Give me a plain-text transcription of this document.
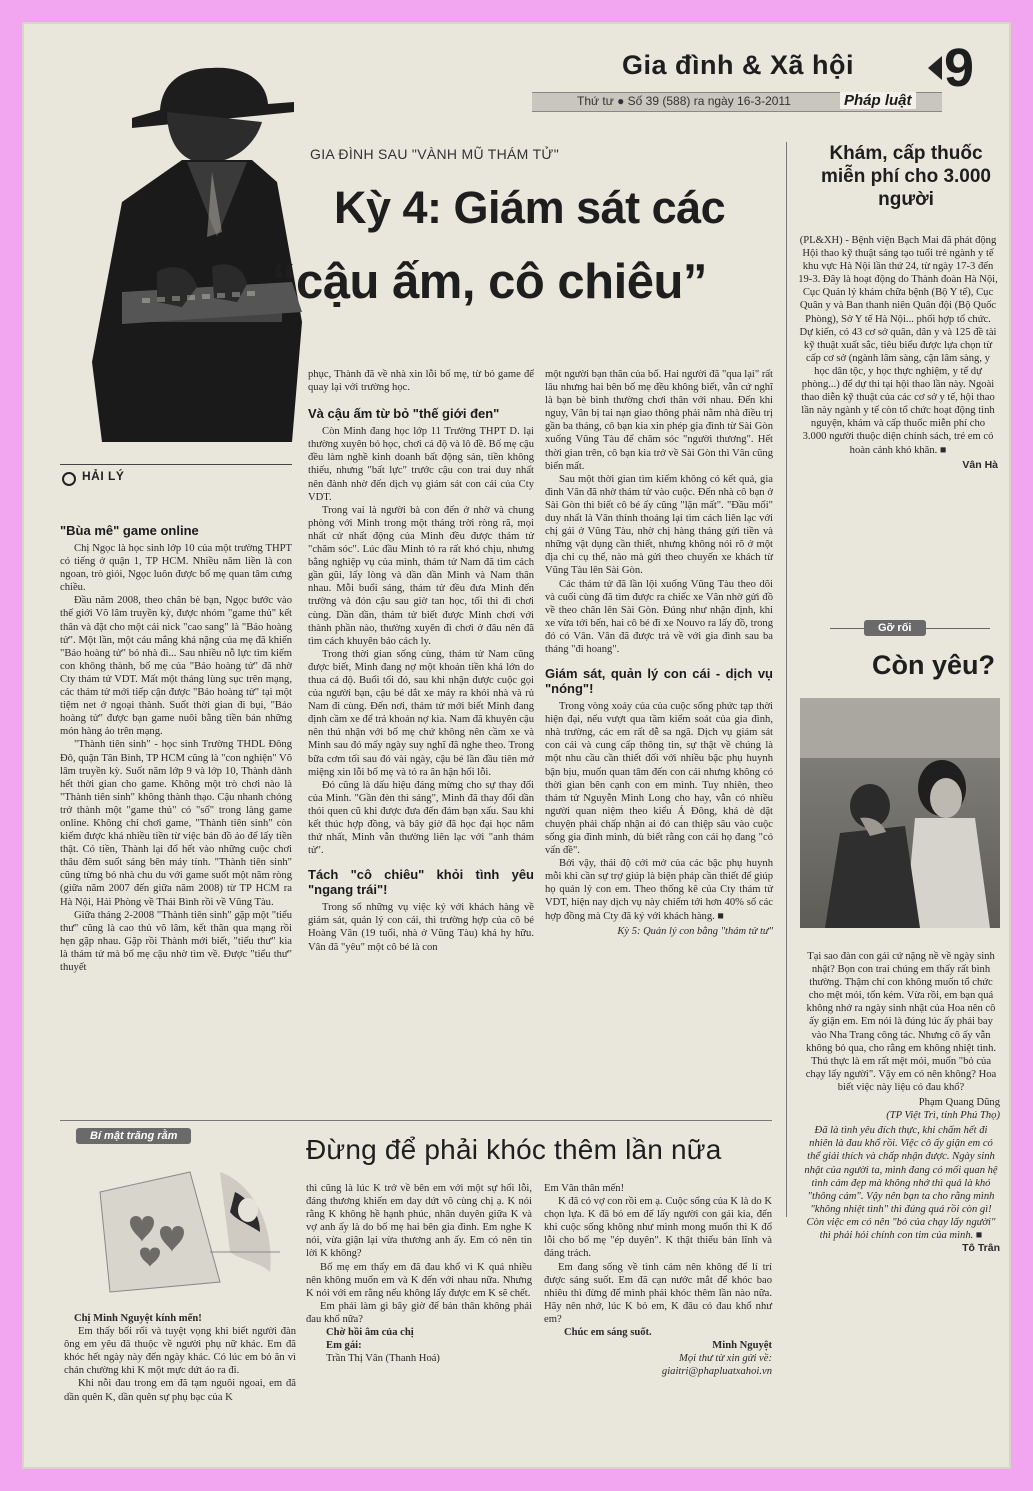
Gia đình & Xã hội 9
Thứ tư ● Số 39 (588) ra ngày 16-3-2011	Pháp luật
GIA ĐÌNH SAU "VÀNH MŨ THÁM TỬ"
Kỳ 4: Giám sát các
“cậu ấm, cô chiêu”
HẢI LÝ
"Bùa mê" game online

Chị Ngọc là học sinh lớp 10 của một trường THPT có tiếng ở quận 1, TP HCM. Nhiều năm liền là con ngoan, trò giỏi, Ngọc luôn được bố mẹ quan tâm cưng chiều.

Đầu năm 2008, theo chân bè bạn, Ngọc bước vào thế giới Võ lâm truyền kỳ, được nhóm "game thủ" kết thân và đặt cho một cái nick "cao sang" là "Bảo hoàng tử". Một lần, một cáu mắng khá nặng của mẹ đã khiến "Bảo hoàng tử" bỏ nhà đi... Sau nhiều nỗ lực tìm kiếm con không thành, bố mẹ của "Bảo hoàng tử" đã nhờ Cty thám tử VDT. Mất một tháng lùng sục trên mạng, các thám tử mới tiếp cận được "Bảo hoàng tử" tại một tiệm net ở ngoại thành. Suốt thời gian đi bụi, "Bảo hoàng tử" được bạn game nuôi bằng tiền bán những món hàng ảo trên mạng.

"Thành tiên sinh" - học sinh Trường THDL Đông Đô, quận Tân Bình, TP HCM cũng là "con nghiện" Võ lâm truyền kỳ. Suốt năm lớp 9 và lớp 10, Thành dành hết thời gian cho game. Không một trò chơi nào là "Thành tiên sinh" không thành thạo. Cậu nhanh chóng trở thành một "game thủ" có "số" trong làng game online. Không chỉ chơi game, "Thành tiên sinh" còn kiếm được khá nhiều tiền từ việc bán đồ ảo để lấy tiền thật. Có tiền, Thành lại đổ hết vào những cuộc chơi thâu đêm suốt sáng bên máy tính. "Thành tiên sinh" cũng từng bỏ nhà chu du với game suốt một năm ròng (giữa năm 2007 đến giữa năm 2008) từ TP HCM ra Hà Nội, Hải Phòng về Thái Bình rồi về Vũng Tàu.

Giữa tháng 2-2008 "Thành tiên sinh" gặp một "tiểu thư" cũng là cao thủ võ lâm, kết thân qua mạng rồi hẹn gặp nhau. Gặp rồi Thành mới biết, "tiểu thư" kia là thám tử mà bố mẹ cậu nhờ tìm về. Được "tiểu thư" thuyết

phục, Thành đã về nhà xin lỗi bố mẹ, từ bỏ game để quay lại với trường học.

Và cậu ấm từ bỏ "thế giới đen"

Còn Minh đang học lớp 11 Trường THPT D. lại thường xuyên bỏ học, chơi cá độ và lô đề. Bố mẹ cậu đều làm nghề kinh doanh bất động sản, tiền không thiếu, nhưng "bất lực" trước cậu con trai duy nhất nên đành nhờ đến dịch vụ giám sát con cái của Cty VDT.

Trong vai là người bà con đến ở nhờ và chung phòng với Minh trong một tháng trời ròng rã, mọi nhất cử nhất động của Minh đều được thám tử "chăm sóc". Lúc đầu Minh tỏ ra rất khó chịu, nhưng bằng nghiệp vụ của mình, thám tử Nam đã tìm cách gần gũi, lấy lòng và dần dần Minh và Nam thân nhau. Mỗi buổi sáng, thám tử đều đưa Minh đến trường và đón cậu sau giờ tan học, tối thì đi chơi cùng. Dần dần, thám tử biết được Minh chơi với thành phần nào, thường xuyên đi chơi ở đâu nên đã tìm cách khuyên bảo cách ly.

Trong thời gian sống cùng, thám tử Nam cũng được biết, Minh đang nợ một khoản tiền khá lớn do thua cá độ. Buổi tối đó, sau khi nhận được cuộc gọi của người bạn, cậu bé dắt xe máy ra khỏi nhà và rủ Nam đi cùng. Đến nơi, thám tử mới biết Minh đang định cầm xe để trả khoản nợ kia. Nam đã khuyên cậu nên thú nhận với bố mẹ chứ không nên cầm xe và Minh sau đó mấy ngày suy nghĩ đã nghe theo. Trong bữa cơm tối sau đó vài ngày, cậu bé lần đầu tiên mở miệng xin lỗi bố mẹ và tỏ ra ân hận hối lỗi.

Đó cũng là dấu hiệu đáng mừng cho sự thay đổi của Minh. "Gần đèn thì sáng", Minh đã thay đổi dần thói quen cũ khi được đưa đến đám bạn xấu. Sau khi kết thúc hợp đồng, và bây giờ đã học đại học năm thứ nhất, Minh vẫn thường liên lạc với "anh thám tử".

Tách "cô chiêu" khỏi tình yêu "ngang trái"!

Trong số những vụ việc ký với khách hàng về giám sát, quản lý con cái, thì trường hợp của cô bé Hoàng Vân (19 tuổi, nhà ở Vũng Tàu) khá hy hữu. Vân đã "yêu" một cô bé là con

một người bạn thân của bố. Hai người đã "qua lại" rất lâu nhưng hai bên bố mẹ đều không biết, vẫn cứ nghĩ là bạn bè bình thường chơi thân với nhau. Đến khi nguy, Vân bị tai nạn giao thông phải nằm nhà điều trị gần ba tháng, cô bạn kia xin phép gia đình từ Sài Gòn xuống Vũng Tàu để chăm sóc "người thương". Hết thời gian trên, cô bạn kia trở về Sài Gòn thì Vân cũng biến mất.

Sau một thời gian tìm kiếm không có kết quả, gia đình Vân đã nhờ thám tử vào cuộc. Đến nhà cô bạn ở Sài Gòn thì biết cô bé ấy cũng "lặn mất". "Đầu mối" duy nhất là Vân thỉnh thoảng lại tìm cách liên lạc với chị gái ở Vũng Tàu, nhờ chị hàng tháng gửi tiền và những vật dụng cần thiết, nhưng không nói rõ ở một địa chỉ cụ thể, nào mà gửi theo chuyến xe khách từ Vũng Tàu lên Sài Gòn.

Các thám tử đã lần lội xuống Vũng Tàu theo dõi và cuối cùng đã tìm được ra chiếc xe Vân nhờ gửi đồ về theo chân lên Sài Gòn. Đúng như nhận định, khi xe vừa tới bến, hai cô bé đi xe Nouvo ra lấy đồ, trong đó có Vân. Vân đã được trả về với gia đình sau ba tháng "đi hoang".

Giám sát, quản lý con cái - dịch vụ "nóng"!

Trong vòng xoáy của của cuộc sống phức tạp thời hiện đại, nếu vượt qua tầm kiểm soát của gia đình, nhà trường, các em rất dễ sa ngã. Dịch vụ giám sát con cái và cung cấp thông tin, sự thật về chúng là một nhu cầu cần thiết đối với nhiều bậc phụ huynh bận bịu, muốn quan tâm đến con cái nhưng không có thời gian bên cạnh con em mình. Tuy nhiên, theo thám tử Nguyễn Minh Long cho hay, vẫn có nhiều người quan niệm theo kiểu Á Đông, khá dè dặt chuyện phải chấp nhận ai đó can thiệp sâu vào cuộc sống gia đình mình, dù biết rằng con cái họ đang "có vấn đề".

Bởi vậy, thái độ cởi mở của các bậc phụ huynh mỗi khi cần sự trợ giúp là biện pháp cần thiết để giúp họ quản lý con em. Theo thống kê của Cty thám tử VDT, hiện nay dịch vụ này chiếm tới hơn 40% số các hợp đồng mà Cty đã ký với khách hàng. ■

Kỳ 5: Quản lý con bằng "thám tử tư"
Khám, cấp thuốc miễn phí cho 3.000 người

(PL&XH) - Bệnh viện Bạch Mai đã phát động Hội thao kỹ thuật sáng tạo tuổi trẻ ngành y tế khu vực Hà Nội lần thứ 24, từ ngày 17-3 đến 19-3. Đây là hoạt động do Thành đoàn Hà Nội, Cục Quản lý khám chữa bệnh (Bộ Y tế), Cục Quân y và Ban thanh niên Quân đội (Bộ Quốc Phòng), Sở Y tế Hà Nội... phối hợp tổ chức. Dự kiến, có 43 cơ sở quân, dân y và 125 đề tài kỹ thuật xuất sắc, tiêu biểu được lựa chọn từ cấp cơ sở (ngành lâm sàng, cận lâm sàng, y học dân tộc, y học thực nghiệm, y tế dự phòng...) để dự thi tại hội thao lần này. Ngoài thao diễn kỹ thuật của các cơ sở y tế, hội thao lần này ngành y tế còn tổ chức hoạt động tình nguyện, khám và cấp thuốc miễn phí cho 3.000 người thuộc diện chính sách, trẻ em có hoàn cảnh khó khăn. ■

Vân Hà
Gỡ rối
Còn yêu?

Tại sao đàn con gái cứ nặng nề về ngày sinh nhật? Bọn con trai chúng em thấy rất bình thường. Thậm chí con không muốn tổ chức cho mệt mỏi, tốn kém. Vừa rồi, em bạn quá không nhớ ra ngày sinh nhật của Hoa nên cô ấy giận em. Em nói là đúng lúc ấy phải bay vào Nha Trang công tác. Nhưng cô ấy vẫn không bỏ qua, cho rằng em không nhiệt tình. Thú thực là em rất mệt mỏi, muốn "bỏ của chạy lấy người". Vậy em có nên không? Hoa biết việc này liệu có đau khổ?

Phạm Quang Dũng
(TP Việt Trì, tỉnh Phú Thọ)

Đã là tình yêu đích thực, khi chấm hết đi nhiên là đau khổ rồi. Việc cô ấy giận em có thể giải thích và chấp nhận được. Ngày sinh nhật của người ta, mình đang có mối quan hệ tình cảm đẹp mà không nhớ thì quả là khó "thông cảm". Vậy nên bạn ta cho rằng mình "không nhiệt tình" thì đúng quá rồi còn gì! Còn việc em có nên "bỏ của chạy lấy người" thì phải hỏi chính con tim của mình. ■

Tô Trân
Bí mật trăng rằm	Đừng để phải khóc thêm lần nữa

Chị Minh Nguyệt kính mến!

Em thấy bối rối và tuyệt vọng khi biết người đàn ông em yêu đã thuộc về người phụ nữ khác. Em đã khóc hết ngày này đến ngày khác. Có lúc em bỏ ăn vì chán chường khi K một mực dứt áo ra đi.

Khi nỗi đau trong em đã tạm nguôi ngoai, em đã dần quên K, dần quên sự phụ bạc của K

thì cũng là lúc K trở về bên em với một sự hối lỗi, đáng thương khiến em day dứt vô cùng chị ạ. K nói rằng K không hề hạnh phúc, nhân duyên giữa K và vợ anh ấy là do bố mẹ hai bên gia đình. Em nghe K nói, vừa giận lại vừa thương anh ấy. Em có nên tin lời K không?

Bố mẹ em thấy em đã đau khổ vì K quá nhiều nên không muốn em và K đến với nhau nữa. Nhưng K nói với em rằng nếu không lấy được em K sẽ chết.

Em phải làm gì bây giờ để bản thân không phải đau khổ nữa?

Chờ hồi âm của chị
Em gái:
Trần Thị Vân (Thanh Hoá)

Em Vân thân mến!

K đã có vợ con rồi em ạ. Cuộc sống của K là do K chọn lựa. K đã bỏ em để lấy người con gái kia, đến khi cuộc sống không như mình mong muốn thì K đổ lỗi cho bố mẹ "ép duyên". K thật thiếu bản lĩnh và đáng trách.

Em đang sống về tình cảm nên không để lí trí được sáng suốt. Em đã cạn nước mắt để khóc bao nhiêu thì đừng để mình phải khóc thêm lần nào nữa. Hãy nên nhớ, lúc K bỏ em, K đâu có đau khổ như em?

Chúc em sáng suốt.
Minh Nguyệt
Mọi thư từ xin gửi về:
giaitri@phapluatxahoi.vn
